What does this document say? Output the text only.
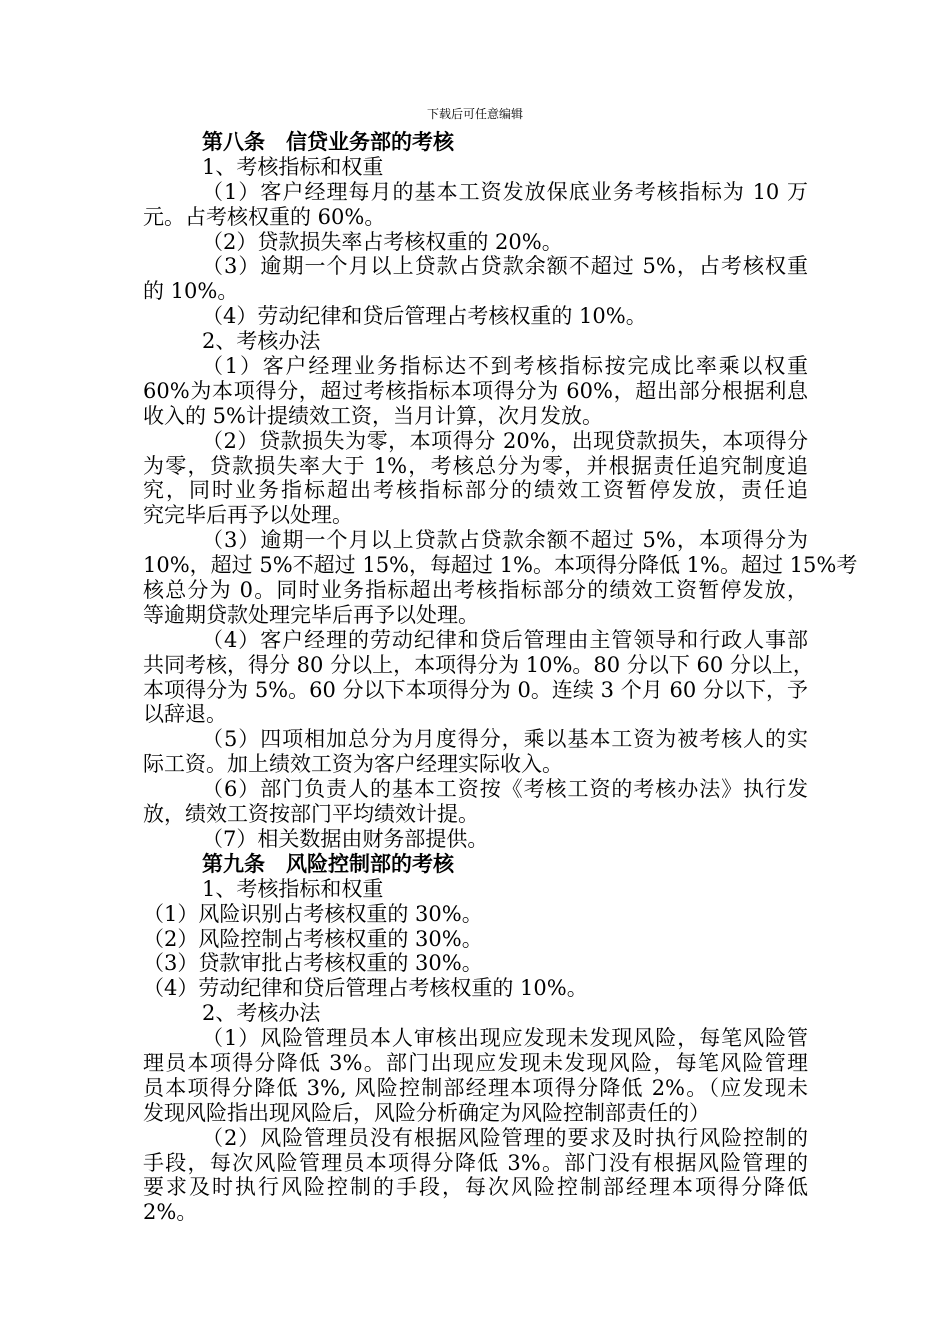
下载后可任意编辑
第八条　信贷业务部的考核
1、考核指标和权重
（1）客户经理每月的基本工资发放保底业务考核指标为 10 万
元。占考核权重的 60%。
（2）贷款损失率占考核权重的 20%。
（3）逾期一个月以上贷款占贷款余额不超过 5%，占考核权重
的 10%。
（4）劳动纪律和贷后管理占考核权重的 10%。
2、考核办法
（1）客户经理业务指标达不到考核指标按完成比率乘以权重
60%为本项得分，超过考核指标本项得分为 60%，超出部分根据利息
收入的 5%计提绩效工资，当月计算，次月发放。
（2）贷款损失为零，本项得分 20%，出现贷款损失，本项得分
为零，贷款损失率大于 1%，考核总分为零，并根据责任追究制度追
究，同时业务指标超出考核指标部分的绩效工资暂停发放，责任追
究完毕后再予以处理。
（3）逾期一个月以上贷款占贷款余额不超过 5%，本项得分为
10%，超过 5%不超过 15%，每超过 1%。本项得分降低 1%。超过 15%考
核总分为 0。同时业务指标超出考核指标部分的绩效工资暂停发放，
等逾期贷款处理完毕后再予以处理。
（4）客户经理的劳动纪律和贷后管理由主管领导和行政人事部
共同考核，得分 80 分以上，本项得分为 10%。80 分以下 60 分以上，
本项得分为 5%。60 分以下本项得分为 0。连续 3 个月 60 分以下，予
以辞退。
（5）四项相加总分为月度得分，乘以基本工资为被考核人的实
际工资。加上绩效工资为客户经理实际收入。
（6）部门负责人的基本工资按《考核工资的考核办法》执行发
放，绩效工资按部门平均绩效计提。
（7）相关数据由财务部提供。
第九条　风险控制部的考核
1、考核指标和权重
（1）风险识别占考核权重的 30%。
（2）风险控制占考核权重的 30%。
（3）贷款审批占考核权重的 30%。
（4）劳动纪律和贷后管理占考核权重的 10%。
2、考核办法
（1）风险管理员本人审核出现应发现未发现风险，每笔风险管
理员本项得分降低 3%。部门出现应发现未发现风险，每笔风险管理
员本项得分降低 3%, 风险控制部经理本项得分降低 2%。（应发现未
发现风险指出现风险后，风险分析确定为风险控制部责任的）
（2）风险管理员没有根据风险管理的要求及时执行风险控制的
手段，每次风险管理员本项得分降低 3%。部门没有根据风险管理的
要求及时执行风险控制的手段，每次风险控制部经理本项得分降低
2%。
